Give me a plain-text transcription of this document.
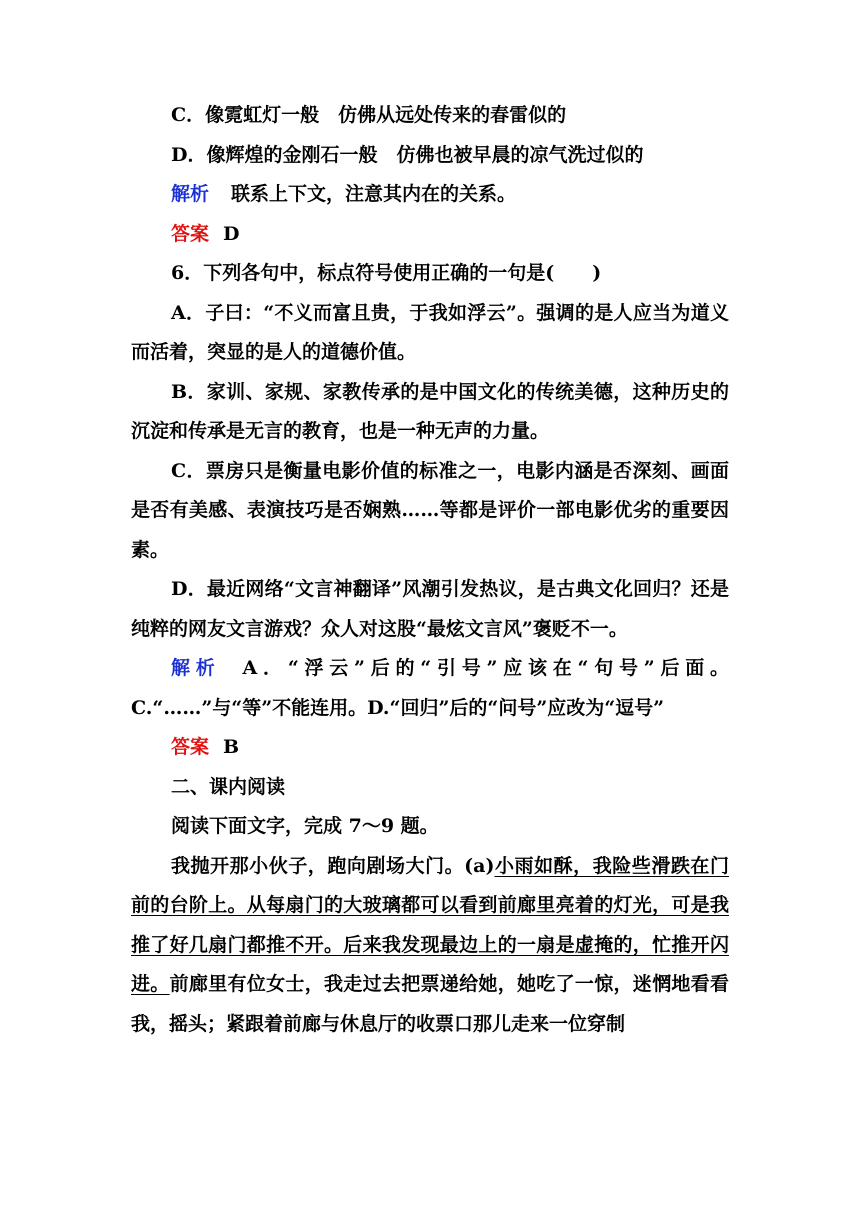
C．像霓虹灯一般　仿佛从远处传来的春雷似的

D．像辉煌的金刚石一般　仿佛也被早晨的凉气洗过似的

解析 联系上下文，注意其内在的关系。

答案 D

6．下列各句中，标点符号使用正确的一句是(　　)

A．子曰：“不义而富且贵，于我如浮云”。强调的是人应当为道义而活着，突显的是人的道德价值。

B．家训、家规、家教传承的是中国文化的传统美德，这种历史的沉淀和传承是无言的教育，也是一种无声的力量。

C．票房只是衡量电影价值的标准之一，电影内涵是否深刻、画面是否有美感、表演技巧是否娴熟……等都是评价一部电影优劣的重要因素。

D．最近网络“文言神翻译”风潮引发热议，是古典文化回归？还是纯粹的网友文言游戏？众人对这股“最炫文言风”褒贬不一。

解析 A．“浮云”后的“引号”应该在“句号”后面。C.“……”与“等”不能连用。D.“回归”后的“问号”应改为“逗号”

答案 B

二、课内阅读

阅读下面文字，完成 7～9 题。

我抛开那小伙子，跑向剧场大门。(a)小雨如酥，我险些滑跌在门前的台阶上。从每扇门的大玻璃都可以看到前廊里亮着的灯光，可是我推了好几扇门都推不开。后来我发现最边上的一扇是虚掩的，忙推开闪进。前廊里有位女士，我走过去把票递给她，她吃了一惊，迷惘地看看我，摇头；紧跟着前廊与休息厅的收票口那儿走来一位穿制
